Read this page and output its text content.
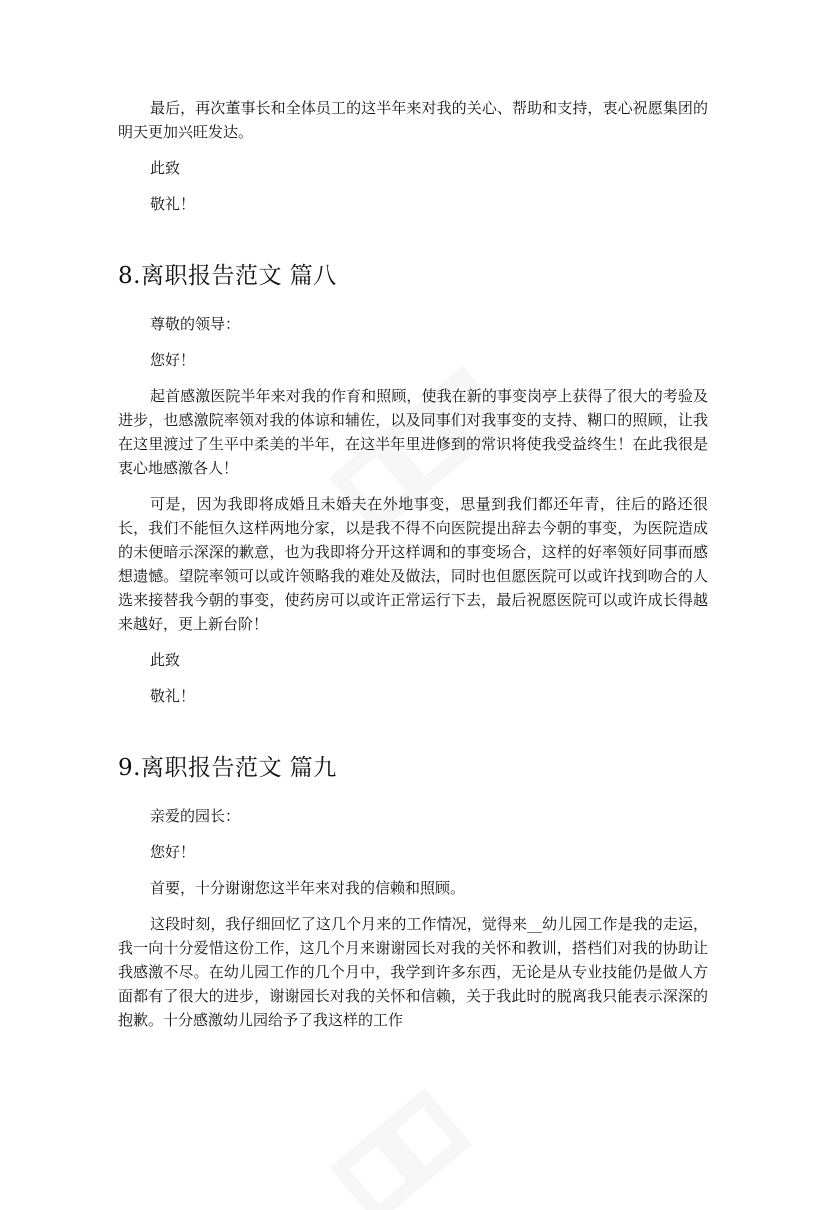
最后，再次董事长和全体员工的这半年来对我的关心、帮助和支持，衷心祝愿集团的明天更加兴旺发达。

此致

敬礼！

8.离职报告范文 篇八

尊敬的领导：

您好！

起首感激医院半年来对我的作育和照顾，使我在新的事变岗亭上获得了很大的考验及进步，也感激院率领对我的体谅和辅佐，以及同事们对我事变的支持、糊口的照顾，让我在这里渡过了生平中柔美的半年，在这半年里进修到的常识将使我受益终生！在此我很是衷心地感激各人！

可是，因为我即将成婚且未婚夫在外地事变，思量到我们都还年青，往后的路还很长，我们不能恒久这样两地分家，以是我不得不向医院提出辞去今朝的事变，为医院造成的未便暗示深深的歉意，也为我即将分开这样调和的事变场合，这样的好率领好同事而感想遗憾。望院率领可以或许领略我的难处及做法，同时也但愿医院可以或许找到吻合的人选来接替我今朝的事变，使药房可以或许正常运行下去，最后祝愿医院可以或许成长得越来越好，更上新台阶！

此致

敬礼！

9.离职报告范文 篇九

亲爱的园长：

您好！

首要，十分谢谢您这半年来对我的信赖和照顾。

这段时刻，我仔细回忆了这几个月来的工作情况，觉得来__幼儿园工作是我的走运，我一向十分爱惜这份工作，这几个月来谢谢园长对我的关怀和教训，搭档们对我的协助让我感激不尽。在幼儿园工作的几个月中，我学到许多东西，无论是从专业技能仍是做人方面都有了很大的进步，谢谢园长对我的关怀和信赖，关于我此时的脱离我只能表示深深的抱歉。十分感激幼儿园给予了我这样的工作
